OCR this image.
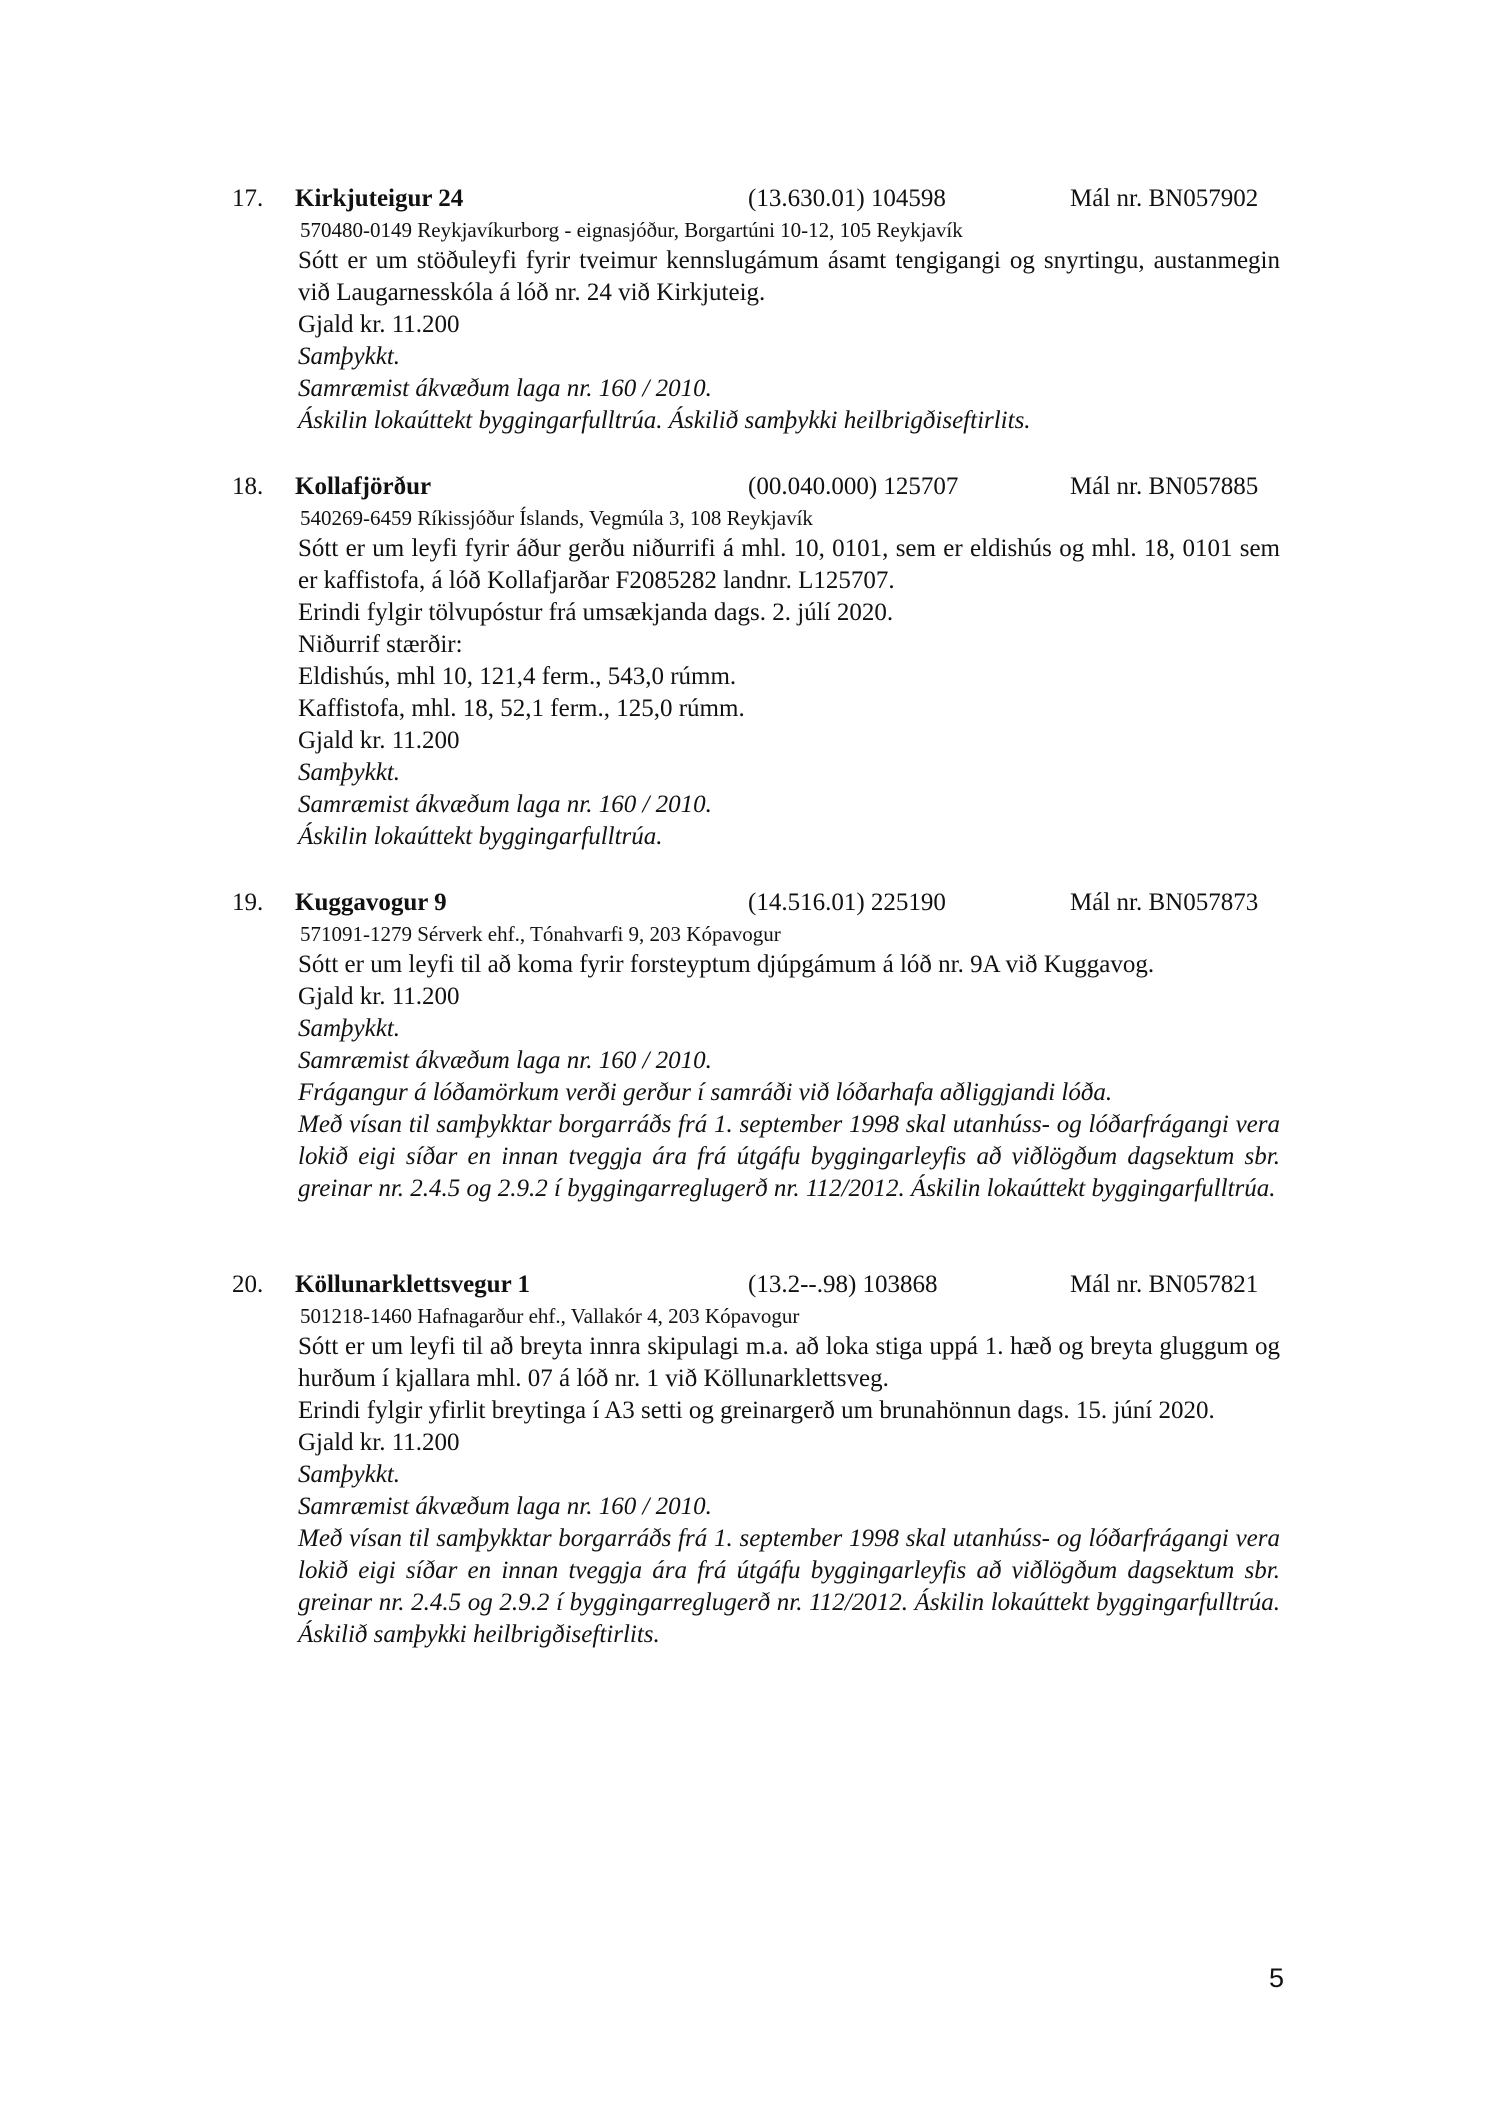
17. Kirkjuteigur 24	(13.630.01) 104598	Mál nr. BN057902
570480-0149 Reykjavíkurborg - eignasjóður, Borgartúni 10-12, 105 Reykjavík
Sótt er um stöðuleyfi fyrir tveimur kennslugámum ásamt tengigangi og snyrtingu, austanmegin við Laugarnesskóla á lóð nr. 24 við Kirkjuteig.
Gjald kr. 11.200
Samþykkt.
Samræmist ákvæðum laga nr. 160 / 2010.
Áskilin lokaúttekt byggingarfulltrúa. Áskilið samþykki heilbrigðiseftirlits.
18. Kollafjörður	(00.040.000) 125707	Mál nr. BN057885
540269-6459 Ríkissjóður Íslands, Vegmúla 3, 108 Reykjavík
Sótt er um leyfi fyrir áður gerðu niðurrifi á mhl. 10, 0101, sem er eldishús og mhl. 18, 0101 sem er kaffistofa, á lóð Kollafjarðar F2085282 landnr. L125707.
Erindi fylgir tölvupóstur frá umsækjanda dags. 2. júlí 2020.
Niðurrif stærðir:
Eldishús, mhl 10, 121,4 ferm., 543,0 rúmm.
Kaffistofa, mhl. 18, 52,1 ferm., 125,0 rúmm.
Gjald kr. 11.200
Samþykkt.
Samræmist ákvæðum laga nr. 160 / 2010.
Áskilin lokaúttekt byggingarfulltrúa.
19. Kuggavogur 9	(14.516.01) 225190	Mál nr. BN057873
571091-1279 Sérverk ehf., Tónahvarfi 9, 203 Kópavogur
Sótt er um leyfi til að koma fyrir forsteyptum djúpgámum á lóð nr. 9A við Kuggavog.
Gjald kr. 11.200
Samþykkt.
Samræmist ákvæðum laga nr. 160 / 2010.
Frágangur á lóðamörkum verði gerður í samráði við lóðarhafa aðliggjandi lóða.
Með vísan til samþykktar borgarráðs frá 1. september 1998 skal utanhúss- og lóðarfrágangi vera lokið eigi síðar en innan tveggja ára frá útgáfu byggingarleyfis að viðlögðum dagsektum sbr. greinar nr. 2.4.5 og 2.9.2 í byggingarreglugerð nr. 112/2012. Áskilin lokaúttekt byggingarfulltrúa.
20. Köllunarklettsvegur 1	(13.2--.98) 103868	Mál nr. BN057821
501218-1460 Hafnagarður ehf., Vallakór 4, 203 Kópavogur
Sótt er um leyfi til að breyta innra skipulagi m.a. að loka stiga uppá 1. hæð og breyta gluggum og hurðum í kjallara mhl. 07 á lóð nr. 1 við Köllunarklettsveg.
Erindi fylgir yfirlit breytinga í A3 setti og greinargerð um brunahönnun dags. 15. júní 2020.
Gjald kr. 11.200
Samþykkt.
Samræmist ákvæðum laga nr. 160 / 2010.
Með vísan til samþykktar borgarráðs frá 1. september 1998 skal utanhúss- og lóðarfrágangi vera lokið eigi síðar en innan tveggja ára frá útgáfu byggingarleyfis að viðlögðum dagsektum sbr. greinar nr. 2.4.5 og 2.9.2 í byggingarreglugerð nr. 112/2012. Áskilin lokaúttekt byggingarfulltrúa. Áskilið samþykki heilbrigðiseftirlits.
5
